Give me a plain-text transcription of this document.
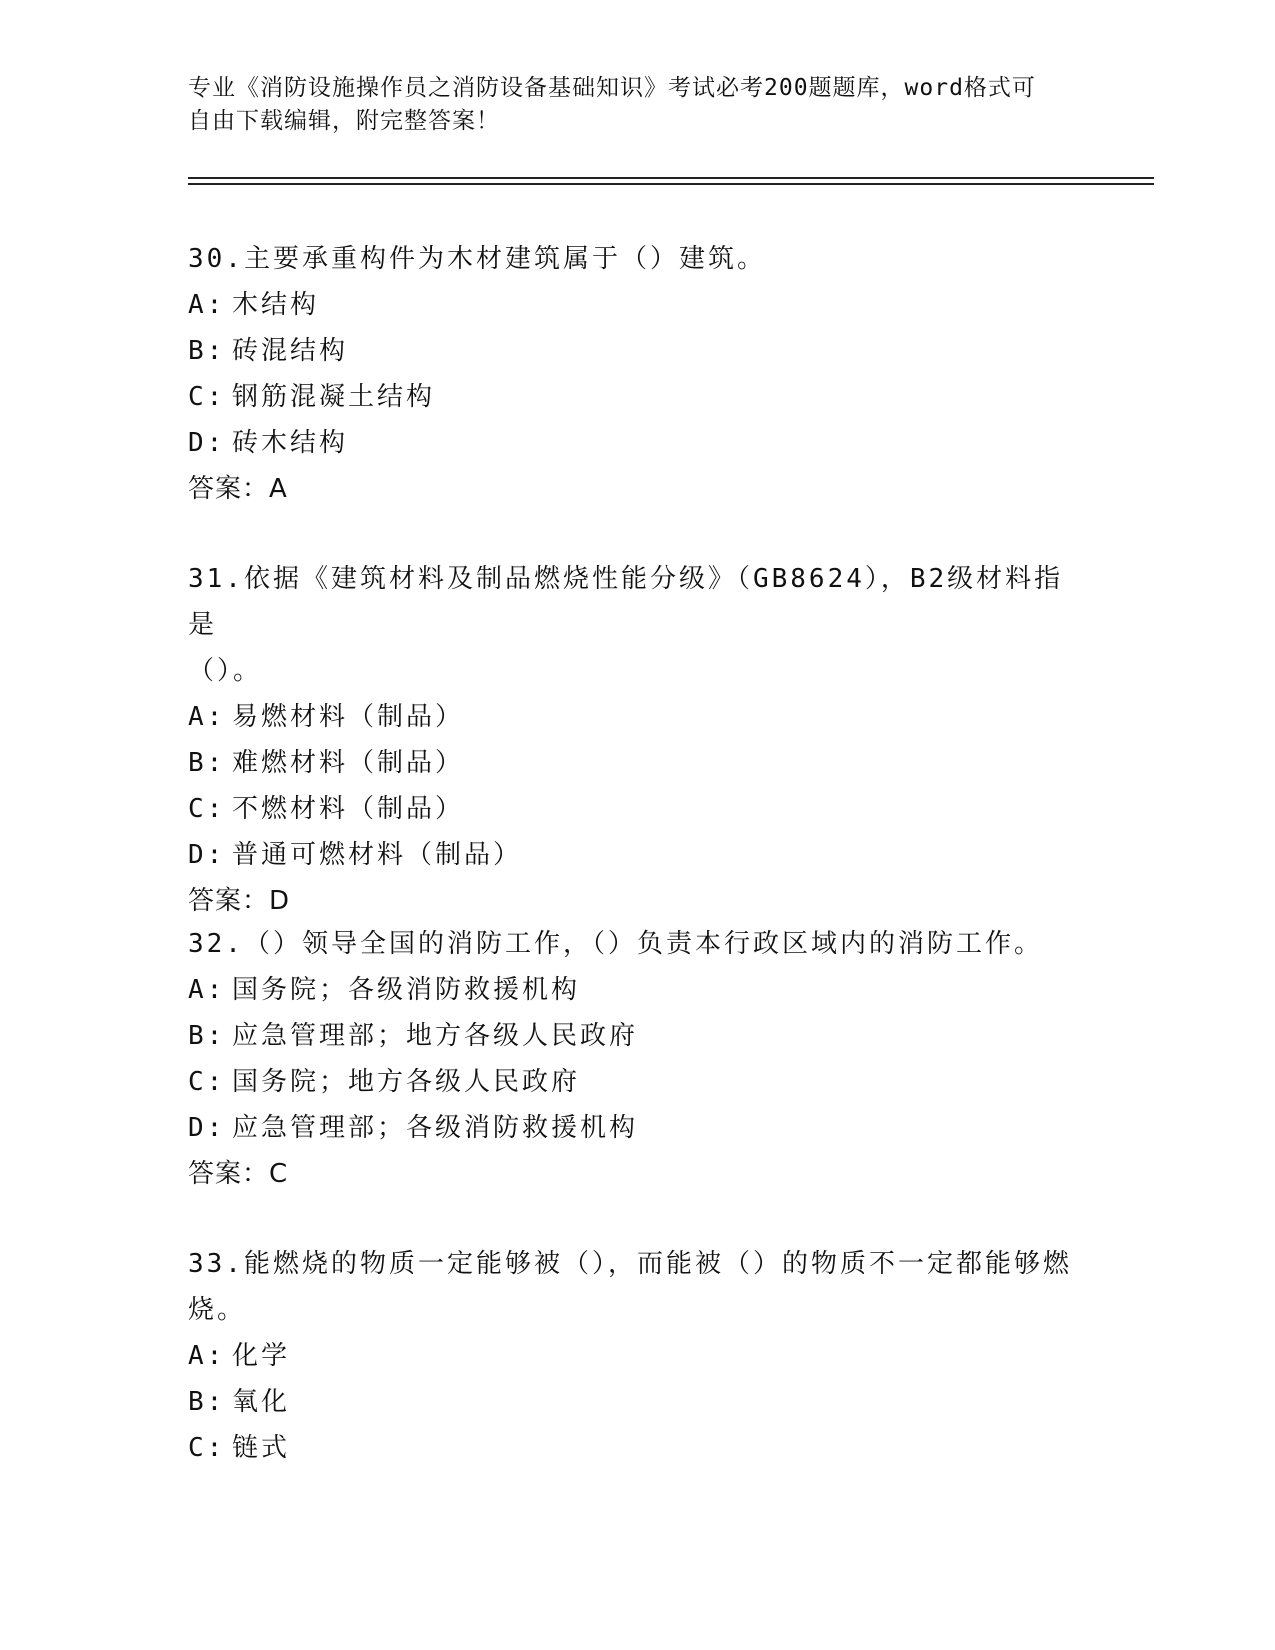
专业《消防设施操作员之消防设备基础知识》考试必考200题题库，word格式可
自由下载编辑，附完整答案！
30.主要承重构件为木材建筑属于（）建筑。
A: 木结构
B: 砖混结构
C: 钢筋混凝土结构
D: 砖木结构
答案：A
31.依据《建筑材料及制品燃烧性能分级》（GB8624），B2级材料指是
（）。
A: 易燃材料（制品）
B: 难燃材料（制品）
C: 不燃材料（制品）
D: 普通可燃材料（制品）
答案：D
32.（）领导全国的消防工作，（）负责本行政区域内的消防工作。
A: 国务院；各级消防救援机构
B: 应急管理部；地方各级人民政府
C: 国务院；地方各级人民政府
D: 应急管理部；各级消防救援机构
答案：C
33.能燃烧的物质一定能够被（），而能被（）的物质不一定都能够燃
烧。
A: 化学
B: 氧化
C: 链式
